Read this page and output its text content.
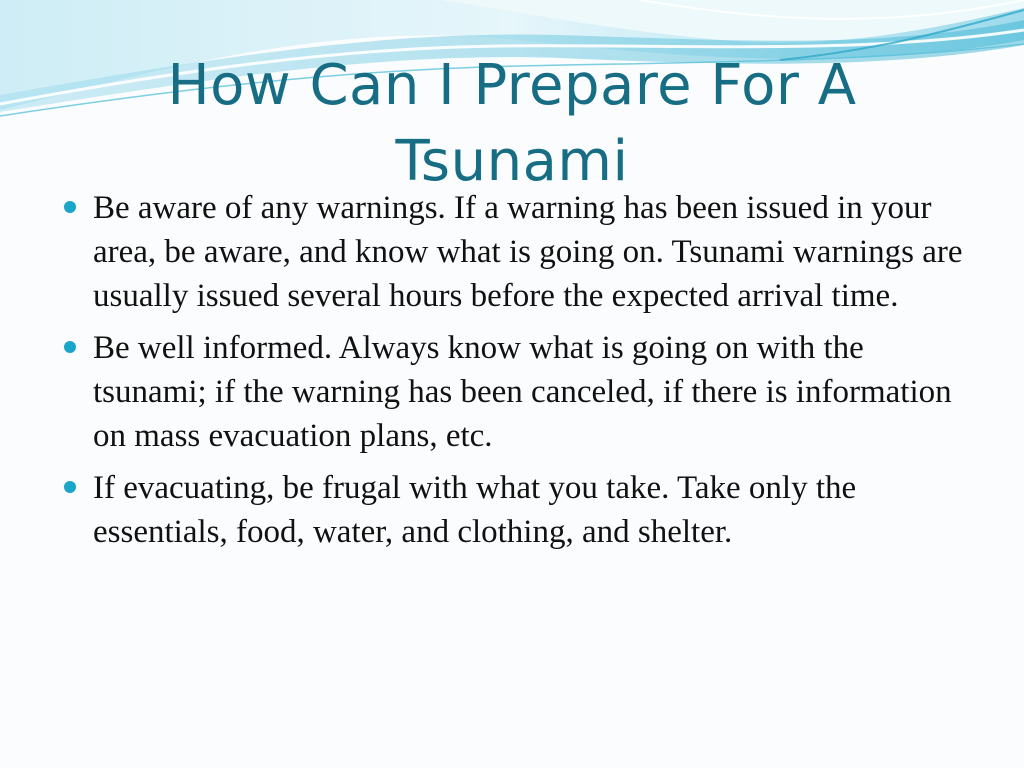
How Can I Prepare For A Tsunami
Be aware of any warnings. If a warning has been issued in your area, be aware, and know what is going on. Tsunami warnings are usually issued several hours before the expected arrival time.
Be well informed. Always know what is going on with the tsunami; if the warning has been canceled, if there is information on mass evacuation plans, etc.
If evacuating, be frugal with what you take. Take only the essentials, food, water, and clothing, and shelter.
